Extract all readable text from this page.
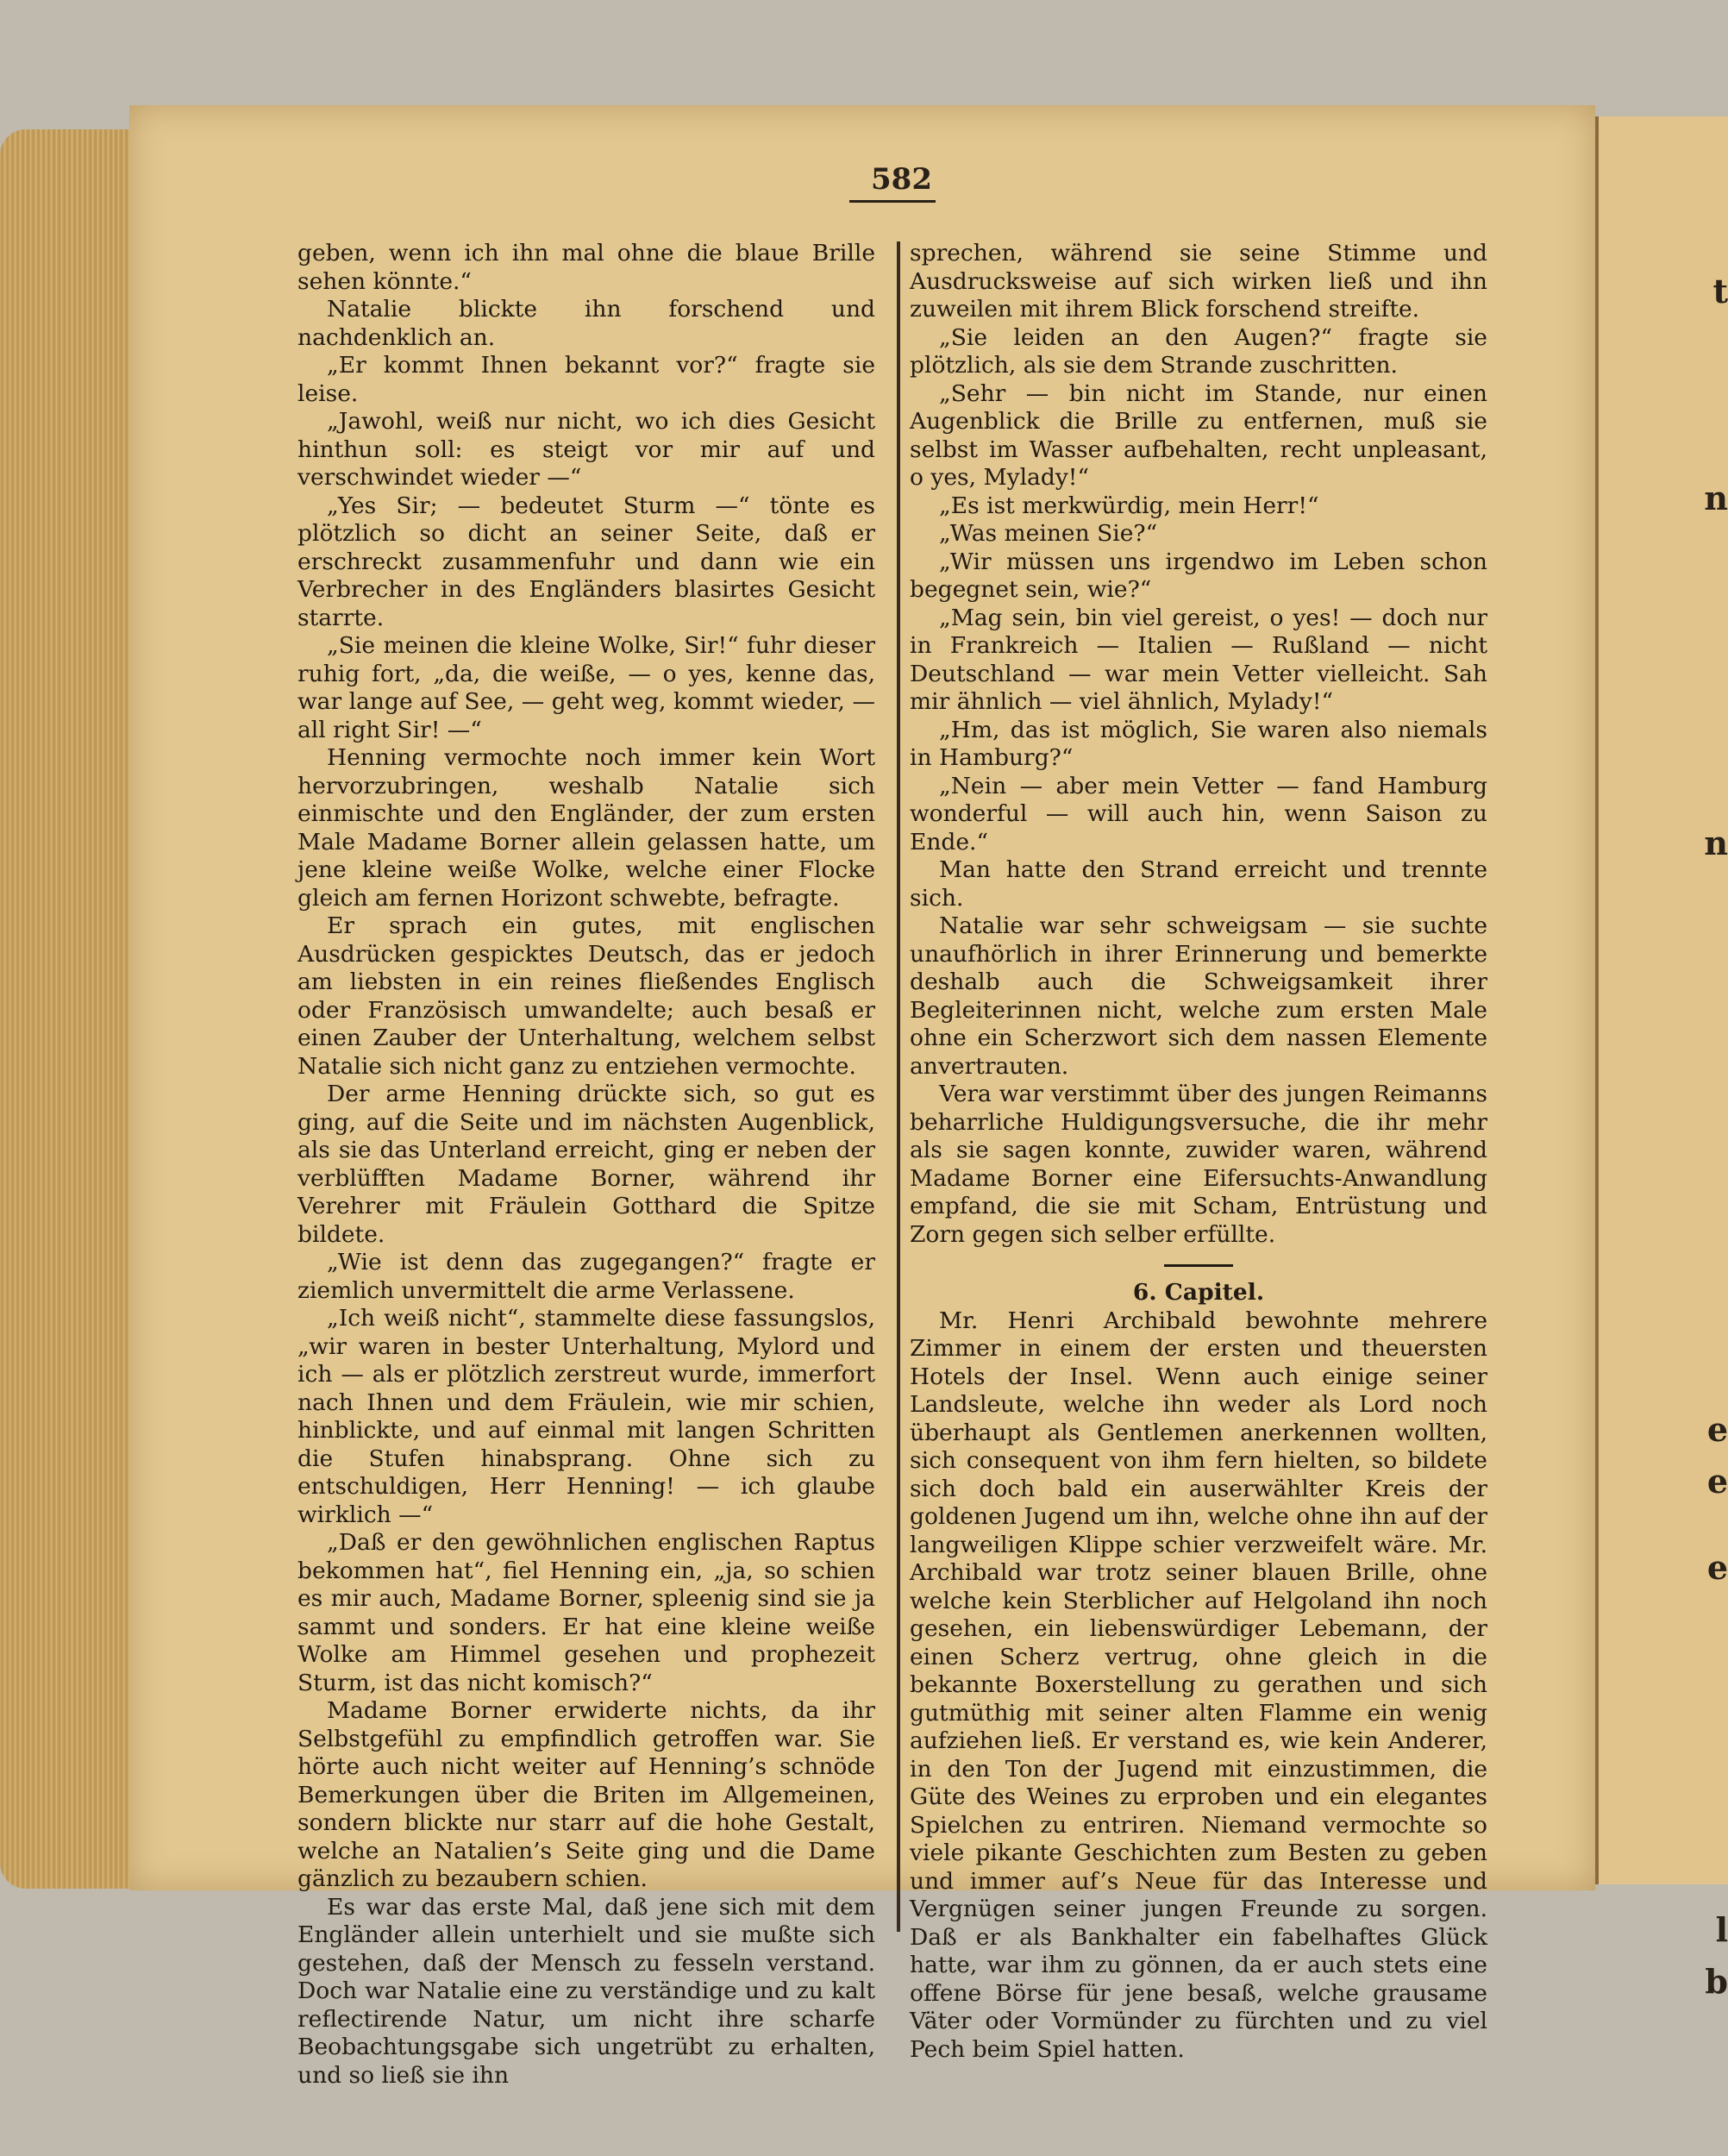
t
n
n
e
e
e
l
b
582

geben, wenn ich ihn mal ohne die blaue Brille sehen könnte.“

Natalie blickte ihn forschend und nachdenklich an.

„Er kommt Ihnen bekannt vor?“ fragte sie leise.

„Jawohl, weiß nur nicht, wo ich dies Gesicht hinthun soll: es steigt vor mir auf und verschwindet wieder —“

„Yes Sir; — bedeutet Sturm —“ tönte es plötzlich so dicht an seiner Seite, daß er erschreckt zusammenfuhr und dann wie ein Verbrecher in des Engländers blasirtes Gesicht starrte.

„Sie meinen die kleine Wolke, Sir!“ fuhr dieser ruhig fort, „da, die weiße, — o yes, kenne das, war lange auf See, — geht weg, kommt wieder, — all right Sir! —“

Henning vermochte noch immer kein Wort hervorzubringen, weshalb Natalie sich einmischte und den Engländer, der zum ersten Male Madame Borner allein gelassen hatte, um jene kleine weiße Wolke, welche einer Flocke gleich am fernen Horizont schwebte, befragte.

Er sprach ein gutes, mit englischen Ausdrücken gespicktes Deutsch, das er jedoch am liebsten in ein reines fließendes Englisch oder Französisch umwandelte; auch besaß er einen Zauber der Unterhaltung, welchem selbst Natalie sich nicht ganz zu entziehen vermochte.

Der arme Henning drückte sich, so gut es ging, auf die Seite und im nächsten Augenblick, als sie das Unterland erreicht, ging er neben der verblüfften Madame Borner, während ihr Verehrer mit Fräulein Gotthard die Spitze bildete.

„Wie ist denn das zugegangen?“ fragte er ziemlich unvermittelt die arme Verlassene.

„Ich weiß nicht“, stammelte diese fassungslos, „wir waren in bester Unterhaltung, Mylord und ich — als er plötzlich zerstreut wurde, immerfort nach Ihnen und dem Fräulein, wie mir schien, hinblickte, und auf einmal mit langen Schritten die Stufen hinabsprang. Ohne sich zu entschuldigen, Herr Henning! — ich glaube wirklich —“

„Daß er den gewöhnlichen englischen Raptus bekommen hat“, fiel Henning ein, „ja, so schien es mir auch, Madame Borner, spleenig sind sie ja sammt und sonders. Er hat eine kleine weiße Wolke am Himmel gesehen und prophezeit Sturm, ist das nicht komisch?“

Madame Borner erwiderte nichts, da ihr Selbstgefühl zu empfindlich getroffen war. Sie hörte auch nicht weiter auf Henning’s schnöde Bemerkungen über die Briten im Allgemeinen, sondern blickte nur starr auf die hohe Gestalt, welche an Natalien’s Seite ging und die Dame gänzlich zu bezaubern schien.

Es war das erste Mal, daß jene sich mit dem Engländer allein unterhielt und sie mußte sich gestehen, daß der Mensch zu fesseln verstand. Doch war Natalie eine zu verständige und zu kalt reflectirende Natur, um nicht ihre scharfe Beobachtungsgabe sich ungetrübt zu erhalten, und so ließ sie ihn

sprechen, während sie seine Stimme und Ausdrucksweise auf sich wirken ließ und ihn zuweilen mit ihrem Blick forschend streifte.

„Sie leiden an den Augen?“ fragte sie plötzlich, als sie dem Strande zuschritten.

„Sehr — bin nicht im Stande, nur einen Augenblick die Brille zu entfernen, muß sie selbst im Wasser aufbehalten, recht unpleasant, o yes, Mylady!“

„Es ist merkwürdig, mein Herr!“

„Was meinen Sie?“

„Wir müssen uns irgendwo im Leben schon begegnet sein, wie?“

„Mag sein, bin viel gereist, o yes! — doch nur in Frankreich — Italien — Rußland — nicht Deutschland — war mein Vetter vielleicht. Sah mir ähnlich — viel ähnlich, Mylady!“

„Hm, das ist möglich, Sie waren also niemals in Hamburg?“

„Nein — aber mein Vetter — fand Hamburg wonderful — will auch hin, wenn Saison zu Ende.“

Man hatte den Strand erreicht und trennte sich.

Natalie war sehr schweigsam — sie suchte unaufhörlich in ihrer Erinnerung und bemerkte deshalb auch die Schweigsamkeit ihrer Begleiterinnen nicht, welche zum ersten Male ohne ein Scherzwort sich dem nassen Elemente anvertrauten.

Vera war verstimmt über des jungen Reimanns beharrliche Huldigungsversuche, die ihr mehr als sie sagen konnte, zuwider waren, während Madame Borner eine Eifersuchts-Anwandlung empfand, die sie mit Scham, Entrüstung und Zorn gegen sich selber erfüllte.

6. Capitel.

Mr. Henri Archibald bewohnte mehrere Zimmer in einem der ersten und theuersten Hotels der Insel. Wenn auch einige seiner Landsleute, welche ihn weder als Lord noch überhaupt als Gentlemen anerkennen wollten, sich consequent von ihm fern hielten, so bildete sich doch bald ein auserwählter Kreis der goldenen Jugend um ihn, welche ohne ihn auf der langweiligen Klippe schier verzweifelt wäre. Mr. Archibald war trotz seiner blauen Brille, ohne welche kein Sterblicher auf Helgoland ihn noch gesehen, ein liebenswürdiger Lebemann, der einen Scherz vertrug, ohne gleich in die bekannte Boxerstellung zu gerathen und sich gutmüthig mit seiner alten Flamme ein wenig aufziehen ließ. Er verstand es, wie kein Anderer, in den Ton der Jugend mit einzustimmen, die Güte des Weines zu erproben und ein elegantes Spielchen zu entriren. Niemand vermochte so viele pikante Geschichten zum Besten zu geben und immer auf’s Neue für das Interesse und Vergnügen seiner jungen Freunde zu sorgen. Daß er als Bankhalter ein fabelhaftes Glück hatte, war ihm zu gönnen, da er auch stets eine offene Börse für jene besaß, welche grausame Väter oder Vormünder zu fürchten und zu viel Pech beim Spiel hatten.
